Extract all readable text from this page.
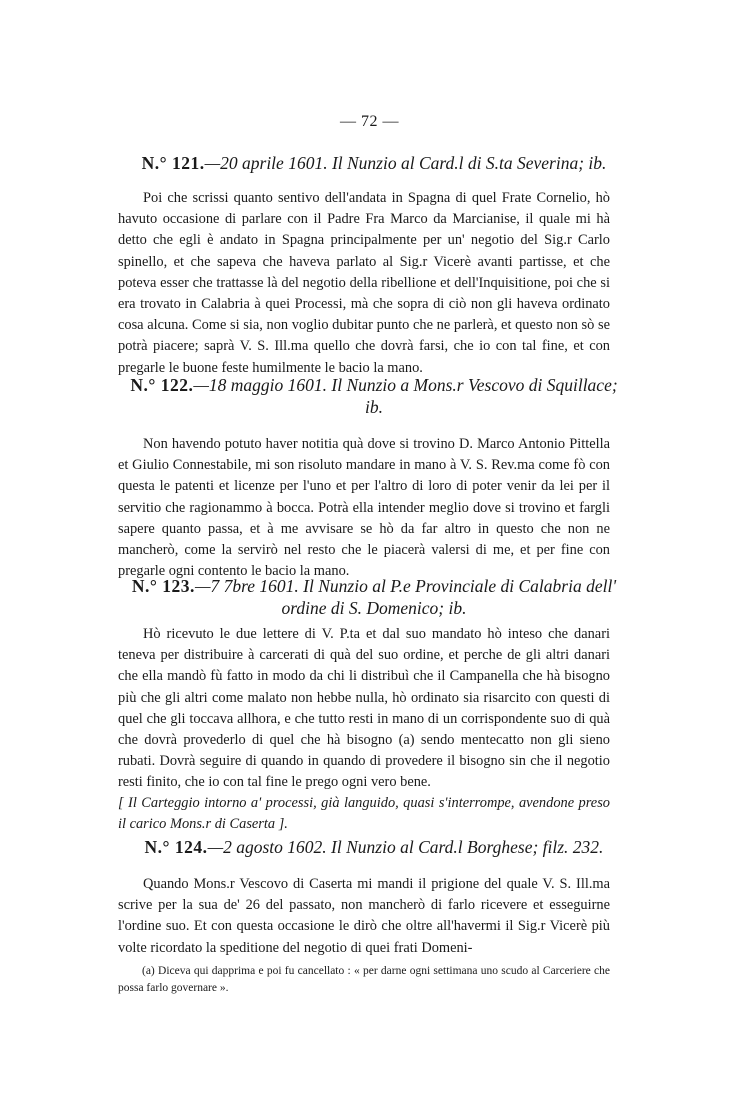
— 72 —
N.° 121.—20 aprile 1601. Il Nunzio al Card.l di S.ta Severina; ib.

Poi che scrissi quanto sentivo dell'andata in Spagna di quel Frate Cornelio, hò havuto occasione di parlare con il Padre Fra Marco da Marcianise, il quale mi hà detto che egli è andato in Spagna principalmente per un' negotio del Sig.r Carlo spinello, et che sapeva che haveva parlato al Sig.r Vicerè avanti partisse, et che poteva esser che trattasse là del negotio della ribellione et dell'Inquisitione, poi che si era trovato in Calabria à quei Processi, mà che sopra di ciò non gli haveva ordinato cosa alcuna. Come si sia, non voglio dubitar punto che ne parlerà, et questo non sò se potrà piacere; saprà V. S. Ill.ma quello che dovrà farsi, che io con tal fine, et con pregarle le buone feste humilmente le bacio la mano.

N.° 122.—18 maggio 1601. Il Nunzio a Mons.r Vescovo di Squillace; ib.

Non havendo potuto haver notitia quà dove si trovino D. Marco Antonio Pittella et Giulio Connestabile, mi son risoluto mandare in mano à V. S. Rev.ma come fò con questa le patenti et licenze per l'uno et per l'altro di loro di poter venir da lei per il servitio che ragionammo à bocca. Potrà ella intender meglio dove si trovino et fargli sapere quanto passa, et à me avvisare se hò da far altro in questo che non ne mancherò, come la servirò nel resto che le piacerà valersi di me, et per fine con pregarle ogni contento le bacio la mano.

N.° 123.—7 7bre 1601. Il Nunzio al P.e Provinciale di Calabria dell' ordine di S. Domenico; ib.

Hò ricevuto le due lettere di V. P.ta et dal suo mandato hò inteso che danari teneva per distribuire à carcerati di quà del suo ordine, et perche de gli altri danari che ella mandò fù fatto in modo da chi li distribuì che il Campanella che hà bisogno più che gli altri come malato non hebbe nulla, hò ordinato sia risarcito con questi di quel che gli toccava allhora, e che tutto resti in mano di un corrispondente suo di quà che dovrà provederlo di quel che hà bisogno (a) sendo mentecatto non gli sieno rubati. Dovrà seguire di quando in quando di provedere il bisogno sin che il negotio resti finito, che io con tal fine le prego ogni vero bene.

[ Il Carteggio intorno a' processi, già languido, quasi s'interrompe, avendone preso il carico Mons.r di Caserta ].
N.° 124.—2 agosto 1602. Il Nunzio al Card.l Borghese; filz. 232.

Quando Mons.r Vescovo di Caserta mi mandi il prigione del quale V. S. Ill.ma scrive per la sua de' 26 del passato, non mancherò di farlo ricevere et esseguirne l'ordine suo. Et con questa occasione le dirò che oltre all'havermi il Sig.r Vicerè più volte ricordato la speditione del negotio di quei frati Domeni-

(a) Diceva qui dapprima e poi fu cancellato : « per darne ogni settimana uno scudo al Carceriere che possa farlo governare ».
